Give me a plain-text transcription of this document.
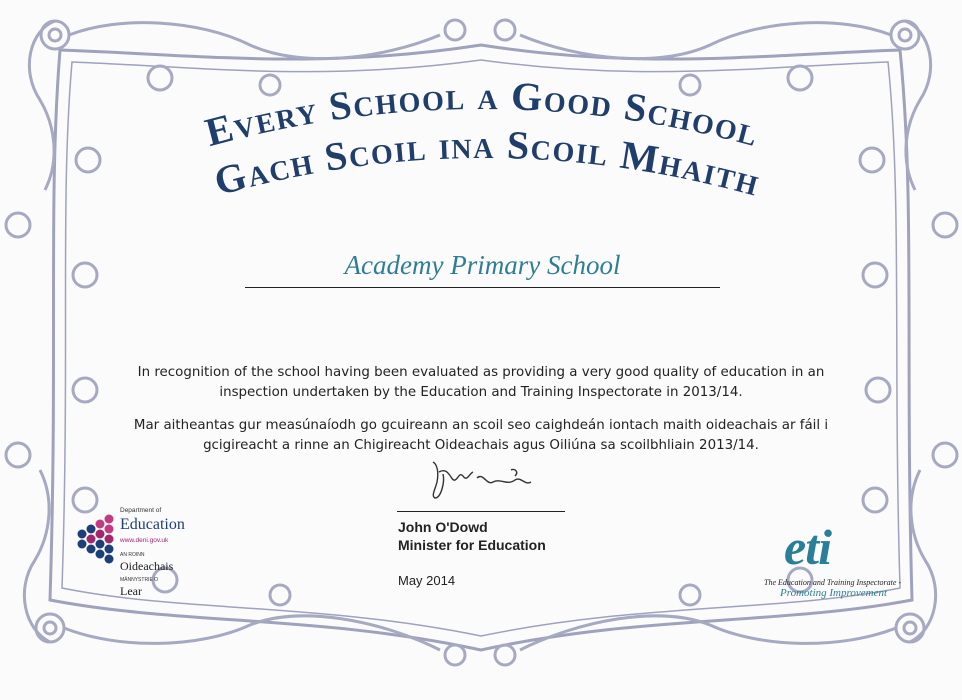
Every School a Good School
Gach Scoil ina Scoil Mhaith
Academy Primary School
In recognition of the school having been evaluated as providing a very good quality of education in an inspection undertaken by the Education and Training Inspectorate in 2013/14.
Mar aitheantas gur measúnaíodh go gcuireann an scoil seo caighdeán iontach maith oideachais ar fáil i gcigireacht a rinne an Chigireacht Oideachais agus Oiliúna sa scoilbhliain 2013/14.
John O'Dowd
Minister for Education
May 2014
Department of
Education
www.deni.gov.uk
AN ROINN
Oideachais
MÄNNYSTRIE O
Lear
eti
The Education and Training Inspectorate -
Promoting Improvement
